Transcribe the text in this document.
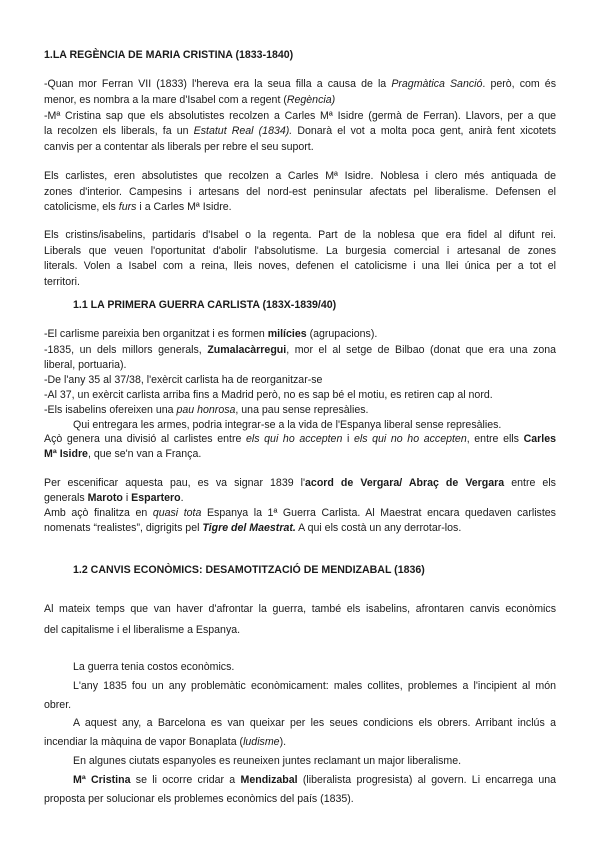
1.LA REGÈNCIA DE MARIA CRISTINA (1833-1840)
-Quan mor Ferran VII (1833) l'hereva era la seua filla a causa de la Pragmàtica Sanció. però, com és
menor, es nombra a la mare d'Isabel com a regent (Regència)
-Mª Cristina sap que els absolutistes recolzen a Carles Mª Isidre (germà de Ferran). Llavors, per a que
la recolzen els liberals, fa un Estatut Real (1834). Donarà el vot a molta poca gent, anirà fent xicotets
canvis per a contentar als liberals per rebre el seu suport.
Els carlistes, eren absolutistes que recolzen a Carles Mª Isidre. Noblesa i clero més antiquada de
zones d'interior. Campesins i artesans del nord-est peninsular afectats pel liberalisme. Defensen el
catolicisme, els furs i a Carles Mª Isidre.
Els cristins/isabelins, partidaris d'Isabel o la regenta. Part de la noblesa que era fidel al difunt rei.
Liberals que veuen l'oportunitat d'abolir l'absolutisme. La burgesia comercial i artesanal de zones
literals. Volen a Isabel com a reina, lleis noves, defenen el catolicisme i una llei única per a tot el
territori.
1.1 LA PRIMERA GUERRA CARLISTA (183X-1839/40)
-El carlisme pareixia ben organitzat i es formen milícies (agrupacions).
-1835, un dels millors generals, Zumalacàrregui, mor el al setge de Bilbao (donat que era una zona
liberal, portuaria).
-De l'any 35 al 37/38, l'exèrcit carlista ha de reorganitzar-se
-Al 37, un exèrcit carlista arriba fins a Madrid però, no es sap bé el motiu, es retiren cap al nord.
-Els isabelins ofereixen una pau honrosa, una pau sense represàlies.
Qui entregara les armes, podria integrar-se a la vida de l'Espanya liberal sense represàlies.
Açò genera una divisió al carlistes entre els qui ho accepten i els qui no ho accepten, entre ells Carles
Mª Isidre, que se'n van a França.
Per escenificar aquesta pau, es va signar 1839 l'acord de Vergara/ Abraç de Vergara entre els
generals Maroto i Espartero.
Amb açò finalitza en quasi tota Espanya la 1ª Guerra Carlista. Al Maestrat encara quedaven carlistes
nomenats “realistes”, digrigits pel Tigre del Maestrat. A qui els costà un any derrotar-los.
1.2 CANVIS ECONÒMICS: DESAMOTITZACIÓ DE MENDIZABAL (1836)
Al mateix temps que van haver d'afrontar la guerra, també els isabelins, afrontaren canvis econòmics
del capitalisme i el liberalisme a Espanya.
La guerra tenia costos econòmics.
L'any 1835 fou un any problemàtic econòmicament: males collites, problemes a l'incipient al món
obrer.
A aquest any, a Barcelona es van queixar per les seues condicions els obrers. Arribant inclús a
incendiar la màquina de vapor Bonaplata (ludisme).
En algunes ciutats espanyoles es reuneixen juntes reclamant un major liberalisme.
Mª Cristina se li ocorre cridar a Mendizabal (liberalista progresista) al govern. Li encarrega una
proposta per solucionar els problemes econòmics del país (1835).
